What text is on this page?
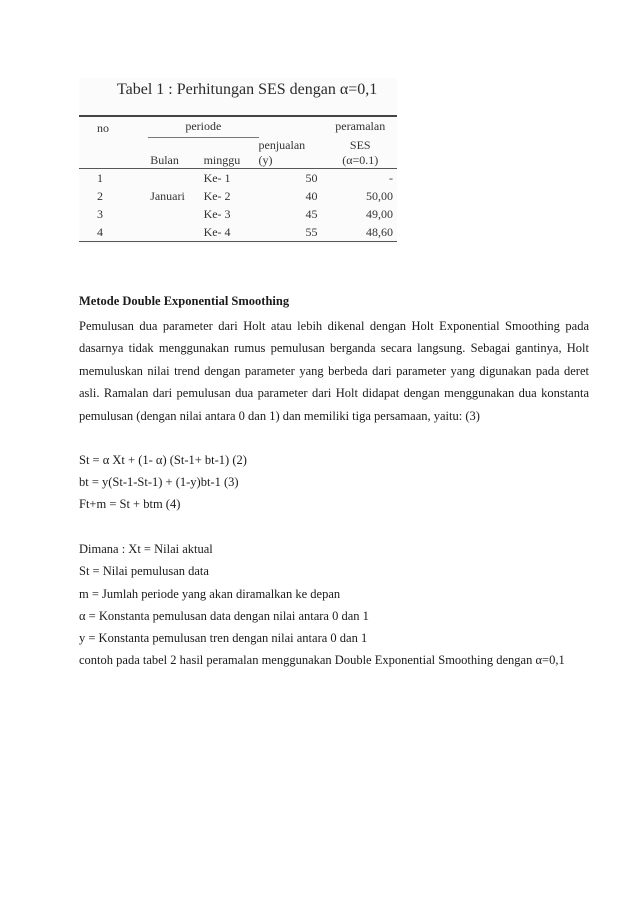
Tabel 1 : Perhitungan SES dengan α=0,1
no	periode			peramalan
			penjualan	SES
	Bulan	minggu	(y)	(α=0.1)
1	Januari	Ke- 1	50	-
2		Ke- 2	40	50,00
3		Ke- 3	45	49,00
4		Ke- 4	55	48,60
Metode Double Exponential Smoothing
Pemulusan dua parameter dari Holt atau lebih dikenal dengan Holt Exponential Smoothing pada dasarnya tidak menggunakan rumus pemulusan berganda secara langsung. Sebagai gantinya, Holt memuluskan nilai trend dengan parameter yang berbeda dari parameter yang digunakan pada deret asli. Ramalan dari pemulusan dua parameter dari Holt didapat dengan menggunakan dua konstanta pemulusan (dengan nilai antara 0 dan 1) dan memiliki tiga persamaan, yaitu: (3)
St = α Xt + (1- α) (St-1+ bt-1) (2)
bt = y(St-1-St-1) + (1-y)bt-1 (3)
Ft+m = St + btm (4)
Dimana : Xt = Nilai aktual
St = Nilai pemulusan data
m = Jumlah periode yang akan diramalkan ke depan
α = Konstanta pemulusan data dengan nilai antara 0 dan 1
y = Konstanta pemulusan tren dengan nilai antara 0 dan 1
contoh pada tabel 2 hasil peramalan menggunakan Double Exponential Smoothing dengan α=0,1
